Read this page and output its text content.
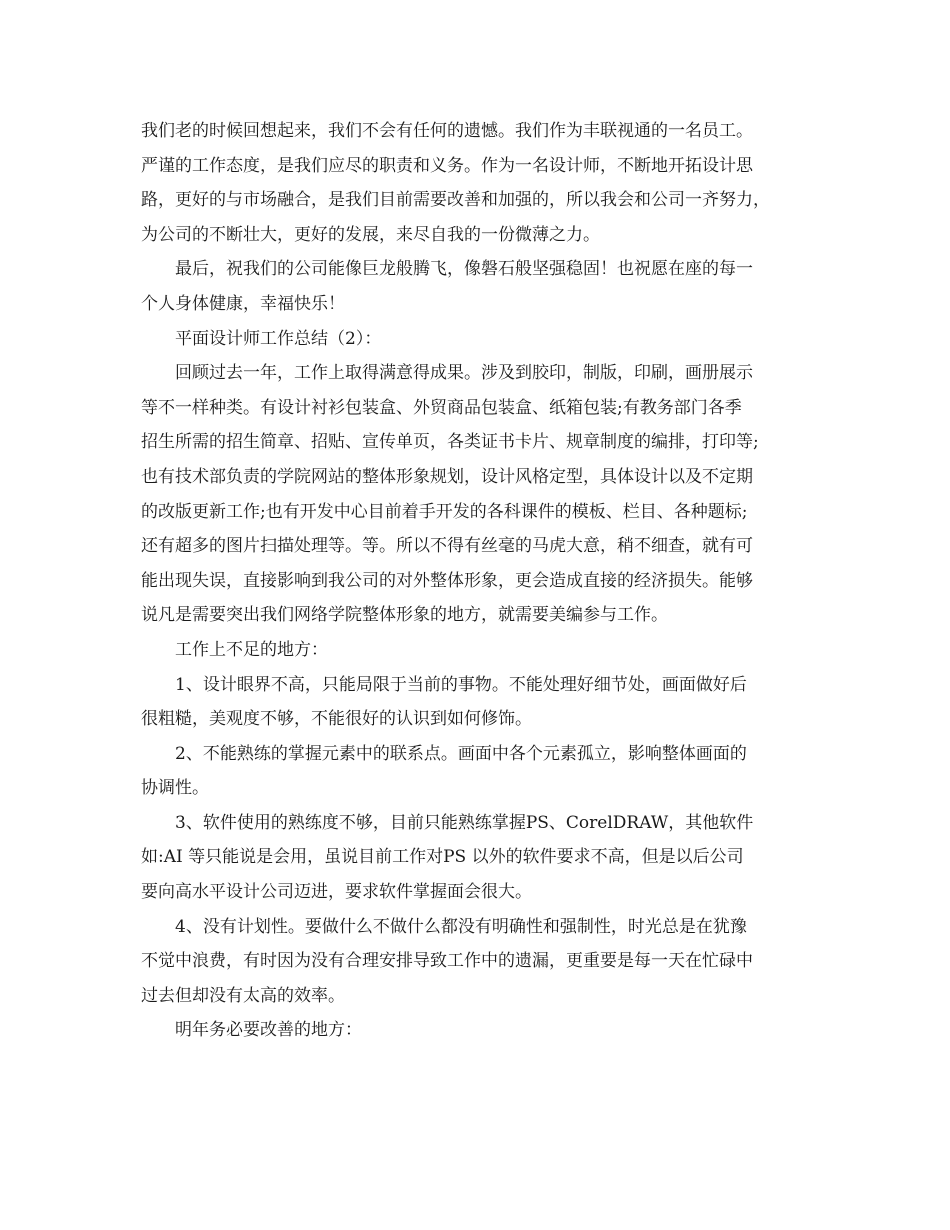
我们老的时候回想起来，我们不会有任何的遗憾。我们作为丰联视通的一名员工。
严谨的工作态度，是我们应尽的职责和义务。作为一名设计师，不断地开拓设计思
路，更好的与市场融合，是我们目前需要改善和加强的，所以我会和公司一齐努力，
为公司的不断壮大，更好的发展，来尽自我的一份微薄之力。
最后，祝我们的公司能像巨龙般腾飞，像磐石般坚强稳固！也祝愿在座的每一
个人身体健康，幸福快乐！
平面设计师工作总结（2）：
回顾过去一年，工作上取得满意得成果。涉及到胶印，制版，印刷，画册展示
等不一样种类。有设计衬衫包装盒、外贸商品包装盒、纸箱包装;有教务部门各季
招生所需的招生简章、招贴、宣传单页，各类证书卡片、规章制度的编排，打印等;
也有技术部负责的学院网站的整体形象规划，设计风格定型，具体设计以及不定期
的改版更新工作;也有开发中心目前着手开发的各科课件的模板、栏目、各种题标;
还有超多的图片扫描处理等。等。所以不得有丝毫的马虎大意，稍不细查，就有可
能出现失误，直接影响到我公司的对外整体形象，更会造成直接的经济损失。能够
说凡是需要突出我们网络学院整体形象的地方，就需要美编参与工作。
工作上不足的地方：
1、设计眼界不高，只能局限于当前的事物。不能处理好细节处，画面做好后
很粗糙，美观度不够，不能很好的认识到如何修饰。
2、不能熟练的掌握元素中的联系点。画面中各个元素孤立，影响整体画面的
协调性。
3、软件使用的熟练度不够，目前只能熟练掌握PS、CorelDRAW，其他软件
如:AI 等只能说是会用，虽说目前工作对PS 以外的软件要求不高，但是以后公司
要向高水平设计公司迈进，要求软件掌握面会很大。
4、没有计划性。要做什么不做什么都没有明确性和强制性，时光总是在犹豫
不觉中浪费，有时因为没有合理安排导致工作中的遗漏，更重要是每一天在忙碌中
过去但却没有太高的效率。
明年务必要改善的地方：
